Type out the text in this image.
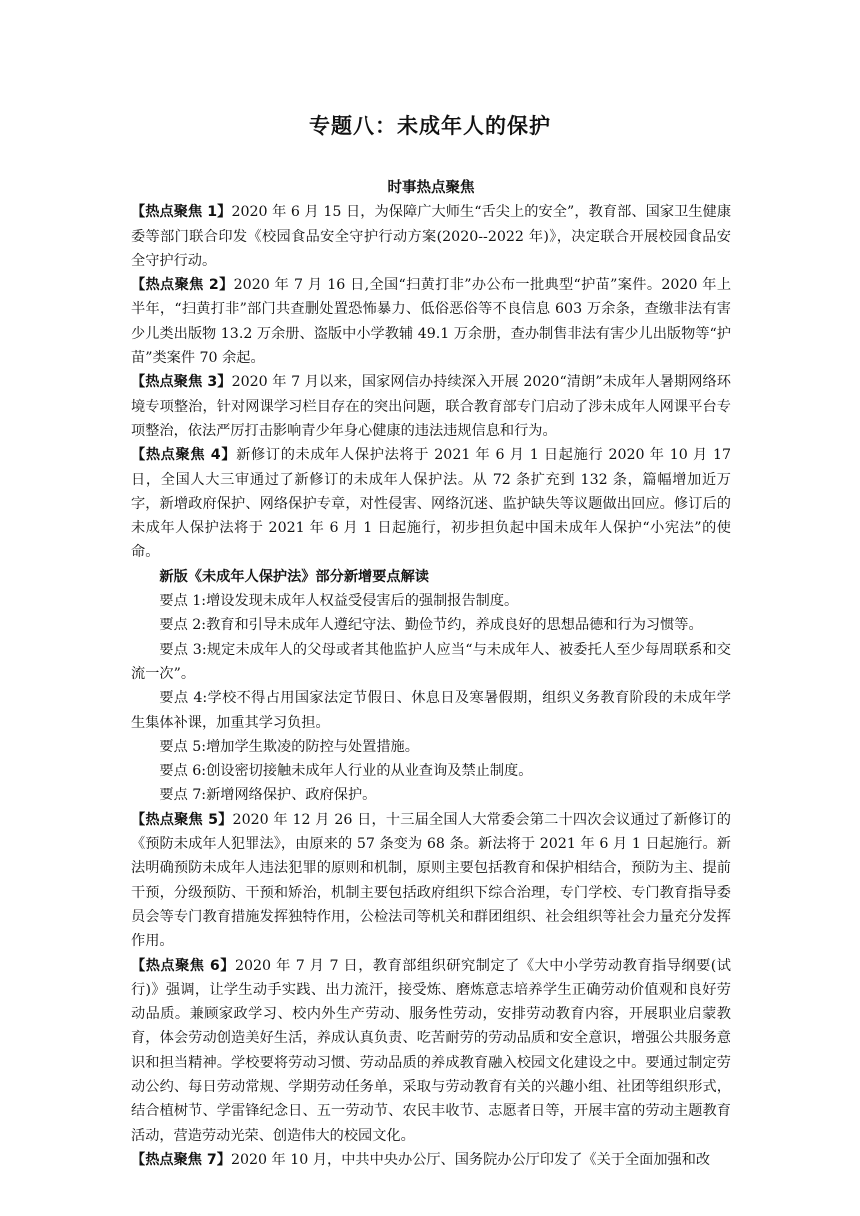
专题八：未成年人的保护

时事热点聚焦

【热点聚焦 1】2020 年 6 月 15 日，为保障广大师生“舌尖上的安全”，教育部、国家卫生健康委等部门联合印发《校园食品安全守护行动方案(2020--2022 年)》，决定联合开展校园食品安全守护行动。

【热点聚焦 2】2020 年 7 月 16 日,全国“扫黄打非”办公布一批典型“护苗”案件。2020 年上半年，“扫黄打非”部门共查删处置恐怖暴力、低俗恶俗等不良信息 603 万余条，查缴非法有害少儿类出版物 13.2 万余册、盗版中小学教辅 49.1 万余册，查办制售非法有害少儿出版物等“护苗”类案件 70 余起。

【热点聚焦 3】2020 年 7 月以来，国家网信办持续深入开展 2020“清朗”未成年人暑期网络环境专项整治，针对网课学习栏目存在的突出问题，联合教育部专门启动了涉未成年人网课平台专项整治，依法严厉打击影响青少年身心健康的违法违规信息和行为。

【热点聚焦 4】新修订的未成年人保护法将于 2021 年 6 月 1 日起施行 2020 年 10 月 17 日，全国人大三审通过了新修订的未成年人保护法。从 72 条扩充到 132 条，篇幅增加近万字，新增政府保护、网络保护专章，对性侵害、网络沉迷、监护缺失等议题做出回应。修订后的未成年人保护法将于 2021 年 6 月 1 日起施行，初步担负起中国未成年人保护“小宪法”的使命。

新版《未成年人保护法》部分新增要点解读

要点 1:增设发现未成年人权益受侵害后的强制报告制度。

要点 2:教育和引导未成年人遵纪守法、勤俭节约，养成良好的思想品德和行为习惯等。

要点 3:规定未成年人的父母或者其他监护人应当“与未成年人、被委托人至少每周联系和交流一次”。

要点 4:学校不得占用国家法定节假日、休息日及寒暑假期，组织义务教育阶段的未成年学生集体补课，加重其学习负担。

要点 5:增加学生欺凌的防控与处置措施。

要点 6:创设密切接触未成年人行业的从业查询及禁止制度。

要点 7:新增网络保护、政府保护。

【热点聚焦 5】2020 年 12 月 26 日，十三届全国人大常委会第二十四次会议通过了新修订的《预防未成年人犯罪法》，由原来的 57 条变为 68 条。新法将于 2021 年 6 月 1 日起施行。新法明确预防未成年人违法犯罪的原则和机制，原则主要包括教育和保护相结合，预防为主、提前干预，分级预防、干预和矫治，机制主要包括政府组织下综合治理，专门学校、专门教育指导委员会等专门教育措施发挥独特作用，公检法司等机关和群团组织、社会组织等社会力量充分发挥作用。

【热点聚焦 6】2020 年 7 月 7 日，教育部组织研究制定了《大中小学劳动教育指导纲要(试行)》强调，让学生动手实践、出力流汗，接受炼、磨炼意志培养学生正确劳动价值观和良好劳动品质。兼顾家政学习、校内外生产劳动、服务性劳动，安排劳动教育内容，开展职业启蒙教育，体会劳动创造美好生活，养成认真负责、吃苦耐劳的劳动品质和安全意识，增强公共服务意识和担当精神。学校要将劳动习惯、劳动品质的养成教育融入校园文化建设之中。要通过制定劳动公约、每日劳动常规、学期劳动任务单，采取与劳动教育有关的兴趣小组、社团等组织形式，结合植树节、学雷锋纪念日、五一劳动节、农民丰收节、志愿者日等，开展丰富的劳动主题教育活动，营造劳动光荣、创造伟大的校园文化。

【热点聚焦 7】2020 年 10 月，中共中央办公厅、国务院办公厅印发了《关于全面加强和改
